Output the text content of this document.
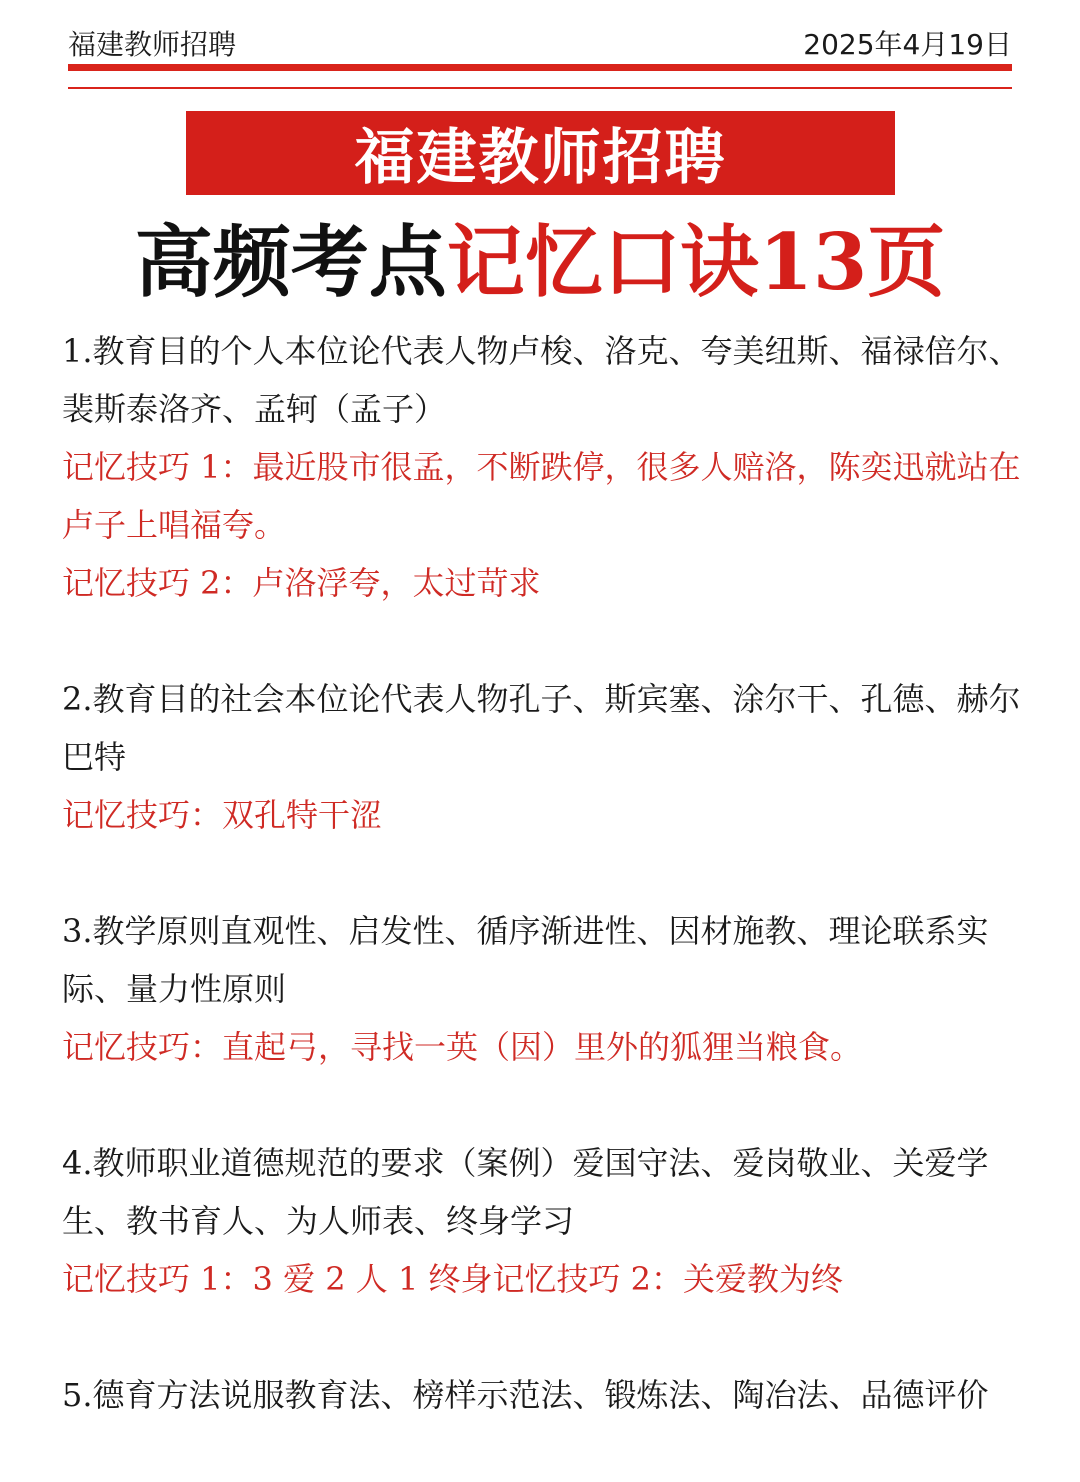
福建教师招聘	2025年4月19日
福建教师招聘
高频考点记忆口诀13页

1.教育目的个人本位论代表人物卢梭、洛克、夸美纽斯、福禄倍尔、裴斯泰洛齐、孟轲（孟子）

记忆技巧 1：最近股市很孟，不断跌停，很多人赔洛，陈奕迅就站在卢子上唱福夸。

记忆技巧 2：卢洛浮夸，太过苛求

2.教育目的社会本位论代表人物孔子、斯宾塞、涂尔干、孔德、赫尔巴特

记忆技巧：双孔特干涩

3.教学原则直观性、启发性、循序渐进性、因材施教、理论联系实际、量力性原则

记忆技巧：直起弓，寻找一英（因）里外的狐狸当粮食。

4.教师职业道德规范的要求（案例）爱国守法、爱岗敬业、关爱学生、教书育人、为人师表、终身学习

记忆技巧 1：3 爱 2 人 1 终身记忆技巧 2：关爱教为终

5.德育方法说服教育法、榜样示范法、锻炼法、陶冶法、品德评价
